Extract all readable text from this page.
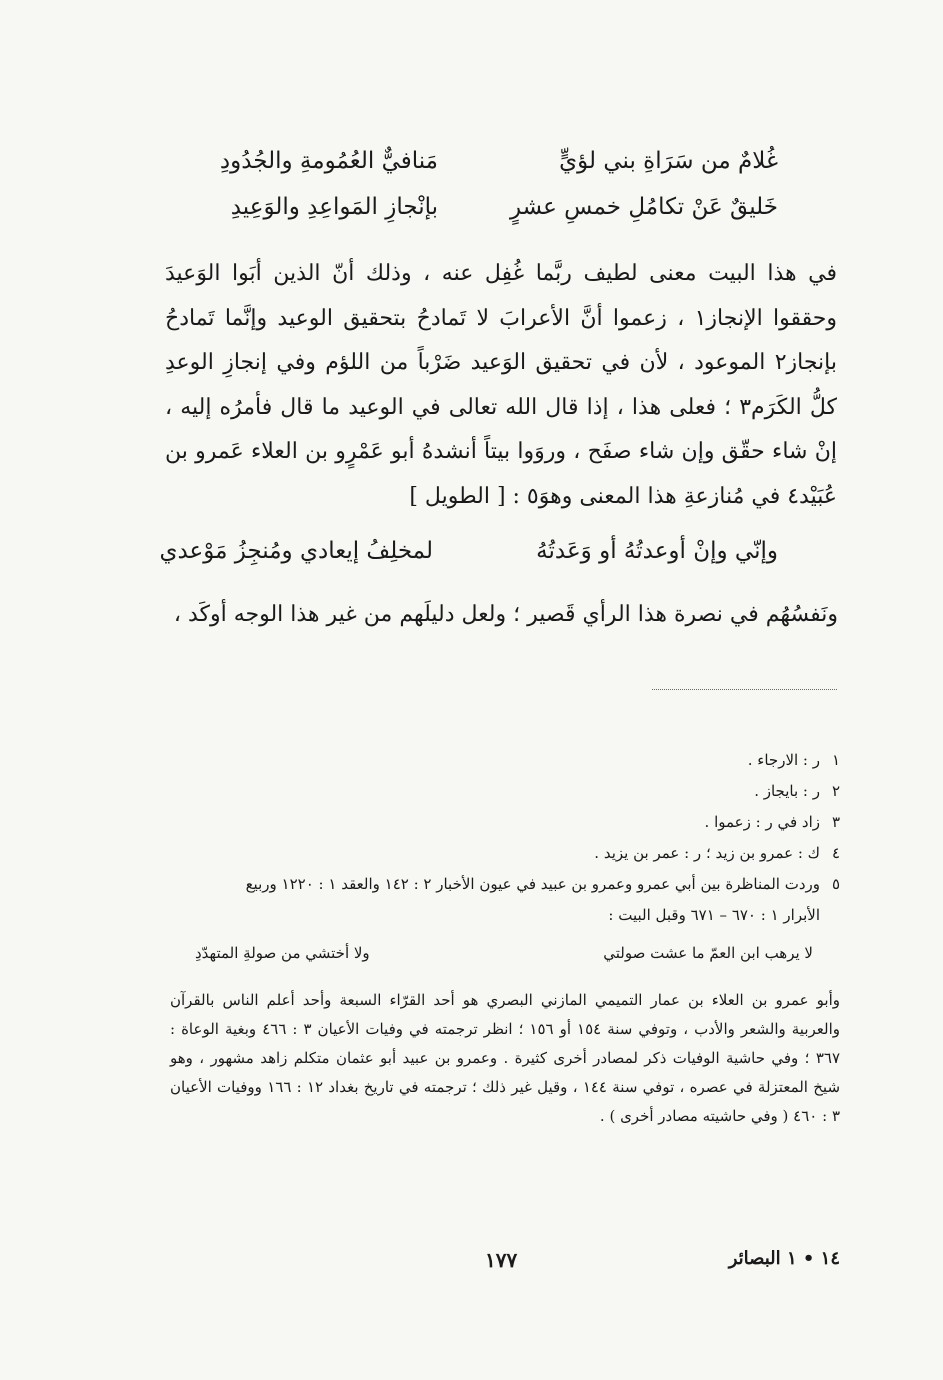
غُلامٌ من سَرَاةِ بني لؤيٍّ
مَنافيٌّ العُمُومةِ والجُدُودِ
خَليقٌ عَنْ تكامُلِ خمسِ عشرٍ
بإنْجازِ المَواعِدِ والوَعِيدِ

في هذا البيت معنى لطيف ربَّما غُفِل عنه ، وذلك أنّ الذين أبَوا الوَعيدَ وحققوا الإنجاز١ ، زعموا أنَّ الأعرابَ لا تَمادحُ بتحقيق الوعيد وإنَّما تَمادحُ بإنجاز٢ الموعود ، لأن في تحقيق الوَعيد ضَرْباً من اللؤم وفي إنجازِ الوعدِ كلُّ الكَرَم٣ ؛ فعلى هذا ، إذا قال الله تعالى في الوعيد ما قال فأمرُه إليه ، إنْ شاء حقّق وإن شاء صفَح ، وروَوا بيتاً أنشدهُ أبو عَمْرٍو بن العلاء عَمرو بن عُبَيْد٤ في مُنازعةِ هذا المعنى وهوَ٥ : [ الطويل ]

وإنّي وإنْ أوعدتُهُ أو وَعَدتُهُ
لمخلِفُ إيعادي ومُنجِزُ مَوْعدي
ونَفسُهُم في نصرة هذا الرأي قَصير ؛ ولعل دليلَهم من غير هذا الوجه أوكَد ،
١ر : الارجاء .
٢ر : بايجاز .
٣زاد في ر : زعموا .
٤ك : عمرو بن زيد ؛ ر : عمر بن يزيد .
٥وردت المناظرة بين أبي عمرو وعمرو بن عبيد في عيون الأخبار ٢ : ١٤٢ والعقد ١ : ١٢٢٠ وربيع
الأبرار ١ : ٦٧٠ – ٦٧١ وقبل البيت :
لا يرهب ابن العمّ ما عشت صولتي
ولا أختشي من صولةِ المتهدّدِ
وأبو عمرو بن العلاء بن عمار التميمي المازني البصري هو أحد القرّاء السبعة وأحد أعلم الناس بالقرآن والعربية والشعر والأدب ، وتوفي سنة ١٥٤ أو ١٥٦ ؛ انظر ترجمته في وفيات الأعيان ٣ : ٤٦٦ وبغية الوعاة : ٣٦٧ ؛ وفي حاشية الوفيات ذكر لمصادر أخرى كثيرة . وعمرو بن عبيد أبو عثمان متكلم زاهد مشهور ، وهو شيخ المعتزلة في عصره ، توفي سنة ١٤٤ ، وقيل غير ذلك ؛ ترجمته في تاريخ بغداد ١٢ : ١٦٦ ووفيات الأعيان ٣ : ٤٦٠ ( وفي حاشيته مصادر أخرى ) .
١٤ • ١ البصائر
١٧٧
